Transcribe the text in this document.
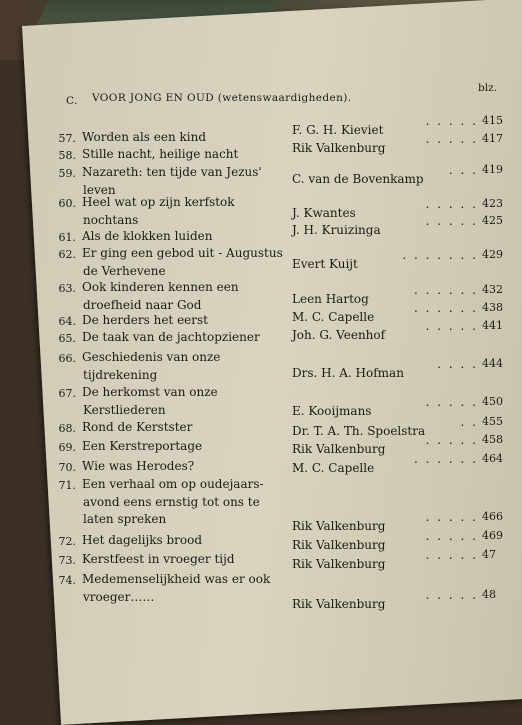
C. VOOR JONG EN OUD (wetenswaardigheden).
blz.
57. Worden als een kind	F. G. H. Kieviet
. . . . . 415
58. Stille nacht, heilige nacht	Rik Valkenburg
. . . . . 417
59. Nazareth: ten tijde van Jezus'
leven
C. van de Bovenkamp
. . . 419
60. Heel wat op zijn kerfstok
nochtans	J. Kwantes
. . . . . 423
61. Als de klokken luiden	J. H. Kruizinga
. . . . . 425
62. Er ging een gebod uit - Augustus
de Verhevene	Evert Kuijt
. . . . . . . 429
63. Ook kinderen kennen een
droefheid naar God	Leen Hartog
. . . . . . 432
64. De herders het eerst	M. C. Capelle
. . . . . . 438
65. De taak van de jachtopziener	Joh. G. Veenhof
. . . . . 441
66. Geschiedenis van onze
tijdrekening	Drs. H. A. Hofman
. . . . 444
67. De herkomst van onze
Kerstliederen	E. Kooijmans
. . . . . 450
68. Rond de Kerstster	Dr. T. A. Th. Spoelstra
. . 455
69. Een Kerstreportage	Rik Valkenburg
. . . . . 458
70. Wie was Herodes?	M. C. Capelle
. . . . . . 464
71. Een verhaal om op oudejaars-
avond eens ernstig tot ons te
laten spreken	Rik Valkenburg
. . . . . 466
72. Het dagelijks brood	Rik Valkenburg
. . . . . 469
73. Kerstfeest in vroeger tijd	Rik Valkenburg
. . . . . 47
74. Medemenselijkheid was er ook
vroeger……
Rik Valkenburg
. . . . . 48
